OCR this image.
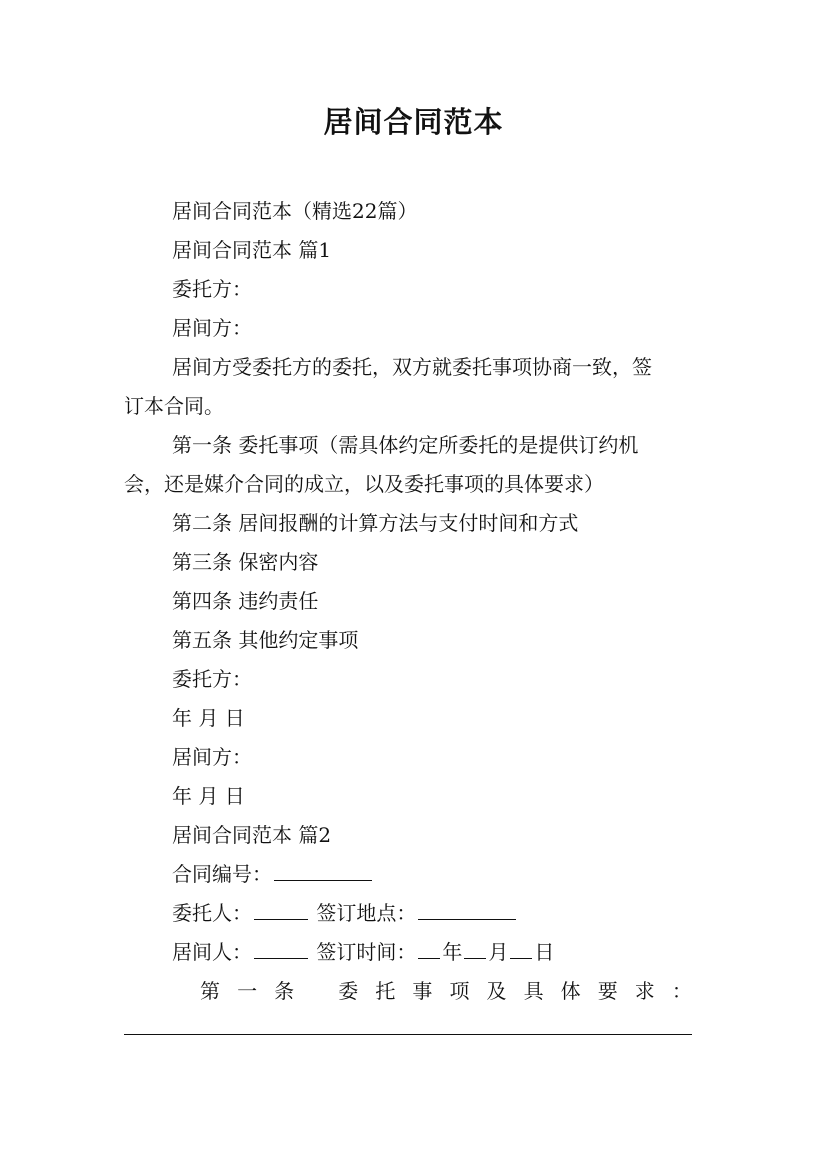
居间合同范本
居间合同范本（精选22篇）
居间合同范本 篇1
委托方：
居间方：
居间方受委托方的委托，双方就委托事项协商一致，签
订本合同。
第一条 委托事项（需具体约定所委托的是提供订约机
会，还是媒介合同的成立，以及委托事项的具体要求）
第二条 居间报酬的计算方法与支付时间和方式
第三条 保密内容
第四条 违约责任
第五条 其他约定事项
委托方：
年 月 日
居间方：
年 月 日
居间合同范本 篇2
合同编号：
委托人：	签订地点：
居间人：	签订时间： 年 月 日
第 一 条 委 托 事 项 及 具 体 要 求 ：
